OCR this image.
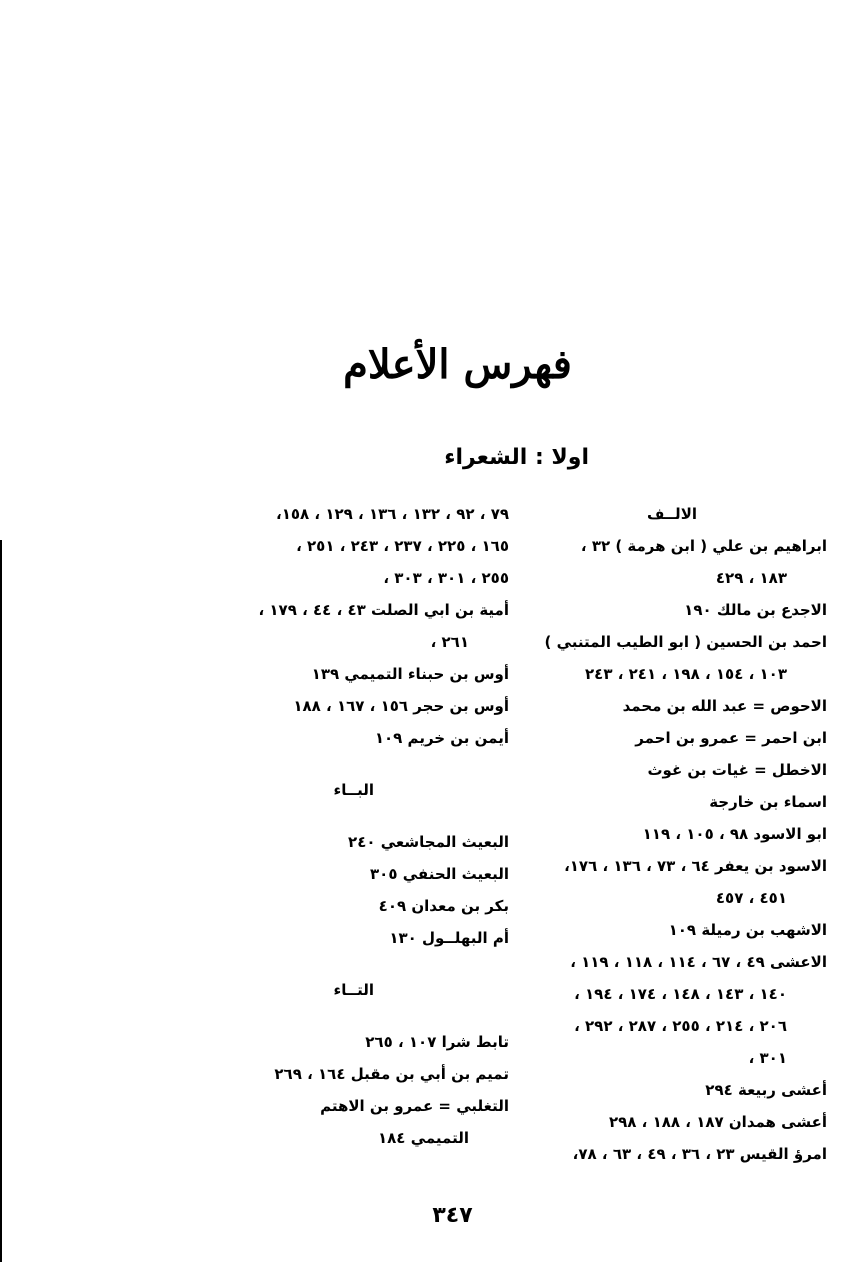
فهرس الأعلام
اولا : الشعراء
الالــف
ابراهيم بن علي ( ابن هرمة ) ٣٢ ،
١٨٣ ، ٤٢٩
الاجدع بن مالك ١٩٠
احمد بن الحسين ( ابو الطيب المتنبي )
١٠٣ ، ١٥٤ ، ١٩٨ ، ٢٤١ ، ٢٤٣
الاحوص = عبد الله بن محمد
ابن احمر = عمرو بن احمر
الاخطل = غيات بن غوث
اسماء بن خارجة
ابو الاسود ٩٨ ، ١٠٥ ، ١١٩
الاسود بن يعفر ٦٤ ، ٧٣ ، ١٣٦ ، ١٧٦،
٤٥١ ، ٤٥٧
الاشهب بن رميلة ١٠٩
الاعشى ٤٩ ، ٦٧ ، ١١٤ ، ١١٨ ، ١١٩ ،
١٤٠ ، ١٤٣ ، ١٤٨ ، ١٧٤ ، ١٩٤ ،
٢٠٦ ، ٢١٤ ، ٢٥٥ ، ٢٨٧ ، ٢٩٢ ،
٣٠١ ،
أعشى ربيعة ٢٩٤
أعشى همدان ١٨٧ ، ١٨٨ ، ٢٩٨
امرؤ القيس ٢٣ ، ٣٦ ، ٤٩ ، ٦٣ ، ٧٨،
٧٩ ، ٩٢ ، ١٣٢ ، ١٣٦ ، ١٢٩ ، ١٥٨،
١٦٥ ، ٢٢٥ ، ٢٣٧ ، ٢٤٣ ، ٢٥١ ،
٢٥٥ ، ٣٠١ ، ٣٠٣ ،
أمية بن ابي الصلت ٤٣ ، ٤٤ ، ١٧٩ ،
٢٦١ ،
أوس بن حبناء التميمي ١٣٩
أوس بن حجر ١٥٦ ، ١٦٧ ، ١٨٨
أيمن بن خريم ١٠٩
البــاء
البعيث المجاشعي ٢٤٠
البعيث الحنفي ٣٠٥
بكر بن معدان ٤٠٩
أم البهلــول ١٣٠
التــاء
تابط شرا ١٠٧ ، ٢٦٥
تميم بن أبي بن مقبل ١٦٤ ، ٢٦٩
التغلبي = عمرو بن الاهتم
التميمي ١٨٤
٣٤٧
